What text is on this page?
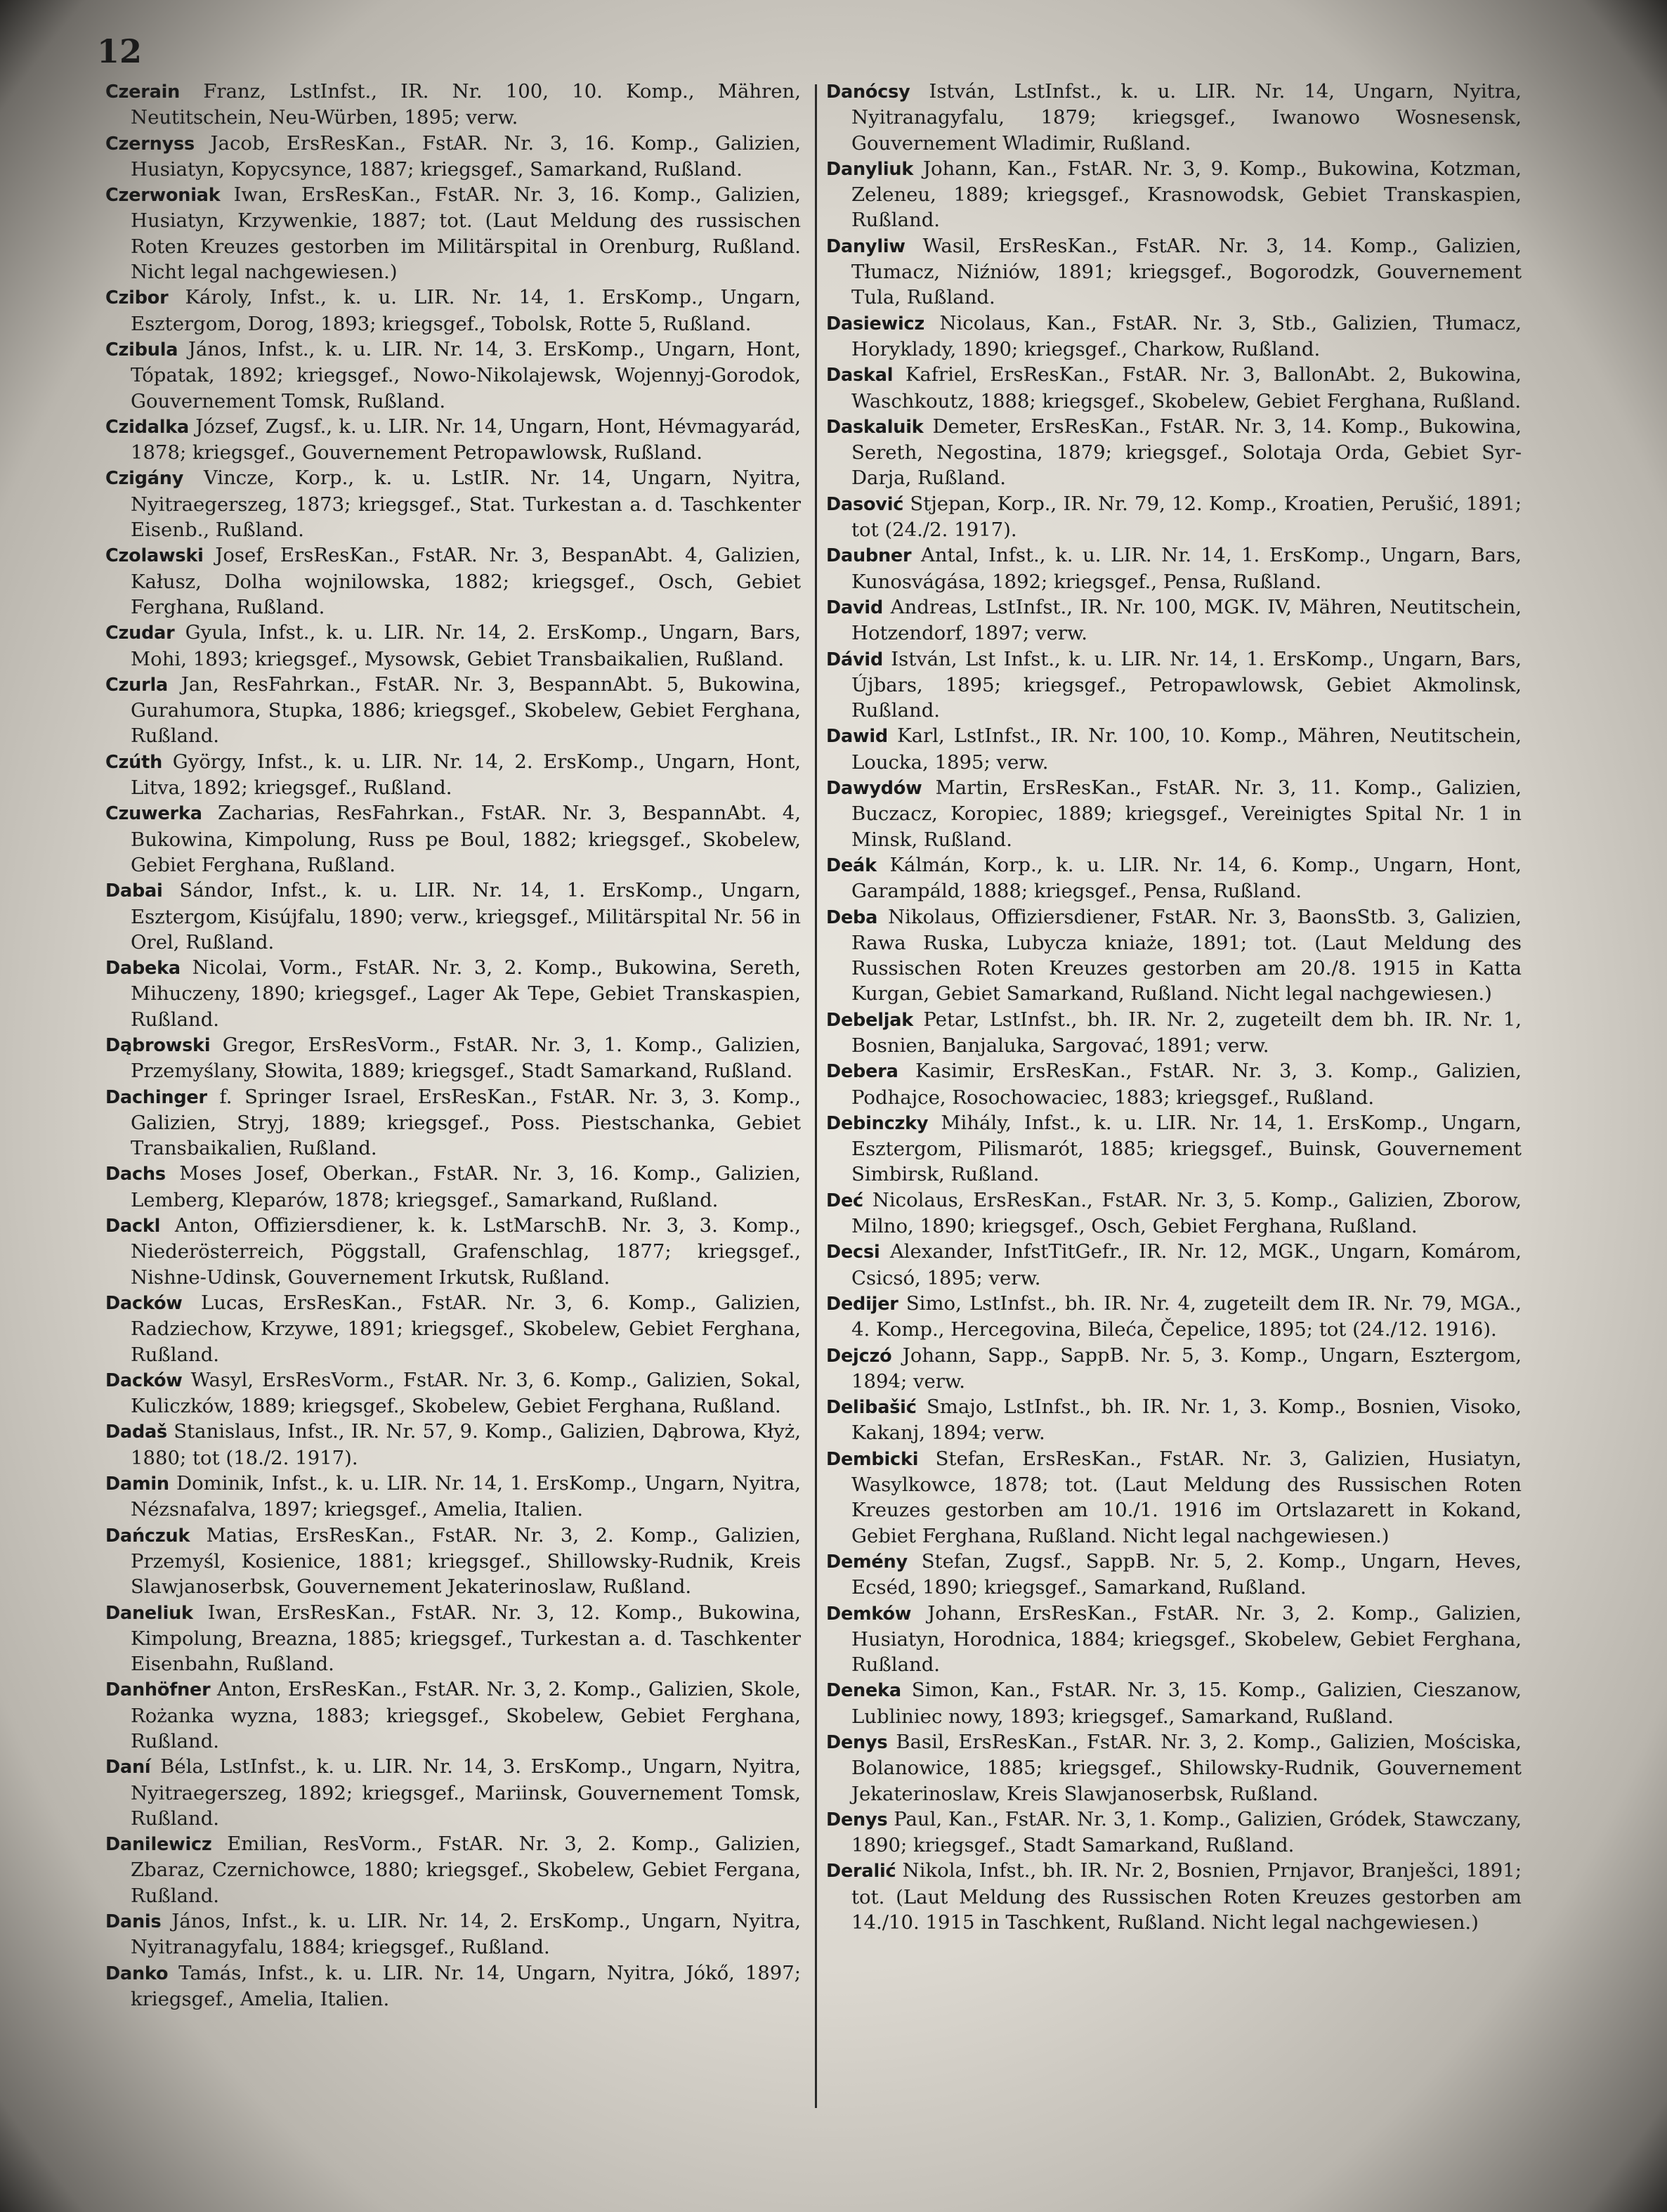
12
Czerain Franz, LstInfst., IR. Nr. 100, 10. Komp., Mähren, Neutitschein, Neu-Würben, 1895; verw.
Czernyss Jacob, ErsResKan., FstAR. Nr. 3, 16. Komp., Galizien, Husiatyn, Kopycsynce, 1887; kriegsgef., Samarkand, Rußland.
Czerwoniak Iwan, ErsResKan., FstAR. Nr. 3, 16. Komp., Galizien, Husiatyn, Krzywenkie, 1887; tot. (Laut Meldung des russischen Roten Kreuzes gestorben im Militärspital in Orenburg, Rußland. Nicht legal nachgewiesen.)
Czibor Károly, Infst., k. u. LIR. Nr. 14, 1. ErsKomp., Ungarn, Esztergom, Dorog, 1893; kriegsgef., Tobolsk, Rotte 5, Rußland.
Czibula János, Infst., k. u. LIR. Nr. 14, 3. ErsKomp., Ungarn, Hont, Tópatak, 1892; kriegsgef., Nowo-Nikolajewsk, Wojennyj-Gorodok, Gouvernement Tomsk, Rußland.
Czidalka József, Zugsf., k. u. LIR. Nr. 14, Ungarn, Hont, Hévmagyarád, 1878; kriegsgef., Gouvernement Petropawlowsk, Rußland.
Czigány Vincze, Korp., k. u. LstIR. Nr. 14, Ungarn, Nyitra, Nyitraegerszeg, 1873; kriegsgef., Stat. Turkestan a. d. Taschkenter Eisenb., Rußland.
Czolawski Josef, ErsResKan., FstAR. Nr. 3, BespanAbt. 4, Galizien, Kałusz, Dolha wojnilowska, 1882; kriegsgef., Osch, Gebiet Ferghana, Rußland.
Czudar Gyula, Infst., k. u. LIR. Nr. 14, 2. ErsKomp., Ungarn, Bars, Mohi, 1893; kriegsgef., Mysowsk, Gebiet Transbaikalien, Rußland.
Czurla Jan, ResFahrkan., FstAR. Nr. 3, BespannAbt. 5, Bukowina, Gurahumora, Stupka, 1886; kriegsgef., Skobelew, Gebiet Ferghana, Rußland.
Czúth György, Infst., k. u. LIR. Nr. 14, 2. ErsKomp., Ungarn, Hont, Litva, 1892; kriegsgef., Rußland.
Czuwerka Zacharias, ResFahrkan., FstAR. Nr. 3, BespannAbt. 4, Bukowina, Kimpolung, Russ pe Boul, 1882; kriegsgef., Skobelew, Gebiet Ferghana, Rußland.
Dabai Sándor, Infst., k. u. LIR. Nr. 14, 1. ErsKomp., Ungarn, Esztergom, Kisújfalu, 1890; verw., kriegsgef., Militärspital Nr. 56 in Orel, Rußland.
Dabeka Nicolai, Vorm., FstAR. Nr. 3, 2. Komp., Bukowina, Sereth, Mihuczeny, 1890; kriegsgef., Lager Ak Tepe, Gebiet Transkaspien, Rußland.
Dąbrowski Gregor, ErsResVorm., FstAR. Nr. 3, 1. Komp., Galizien, Przemyślany, Słowita, 1889; kriegsgef., Stadt Samarkand, Rußland.
Dachinger f. Springer Israel, ErsResKan., FstAR. Nr. 3, 3. Komp., Galizien, Stryj, 1889; kriegsgef., Poss. Piestschanka, Gebiet Transbaikalien, Rußland.
Dachs Moses Josef, Oberkan., FstAR. Nr. 3, 16. Komp., Galizien, Lemberg, Kleparów, 1878; kriegsgef., Samarkand, Rußland.
Dackl Anton, Offiziersdiener, k. k. LstMarschB. Nr. 3, 3. Komp., Niederösterreich, Pöggstall, Grafenschlag, 1877; kriegsgef., Nishne-Udinsk, Gouvernement Irkutsk, Rußland.
Dacków Lucas, ErsResKan., FstAR. Nr. 3, 6. Komp., Galizien, Radziechow, Krzywe, 1891; kriegsgef., Skobelew, Gebiet Ferghana, Rußland.
Dacków Wasyl, ErsResVorm., FstAR. Nr. 3, 6. Komp., Galizien, Sokal, Kuliczków, 1889; kriegsgef., Skobelew, Gebiet Ferghana, Rußland.
Dadaš Stanislaus, Infst., IR. Nr. 57, 9. Komp., Galizien, Dąbrowa, Kłyż, 1880; tot (18./2. 1917).
Damin Dominik, Infst., k. u. LIR. Nr. 14, 1. ErsKomp., Ungarn, Nyitra, Nézsnafalva, 1897; kriegsgef., Amelia, Italien.
Dańczuk Matias, ErsResKan., FstAR. Nr. 3, 2. Komp., Galizien, Przemyśl, Kosienice, 1881; kriegsgef., Shillowsky-Rudnik, Kreis Slawjanoserbsk, Gouvernement Jekaterinoslaw, Rußland.
Daneliuk Iwan, ErsResKan., FstAR. Nr. 3, 12. Komp., Bukowina, Kimpolung, Breazna, 1885; kriegsgef., Turkestan a. d. Taschkenter Eisenbahn, Rußland.
Danhöfner Anton, ErsResKan., FstAR. Nr. 3, 2. Komp., Galizien, Skole, Rożanka wyzna, 1883; kriegsgef., Skobelew, Gebiet Ferghana, Rußland.
Daní Béla, LstInfst., k. u. LIR. Nr. 14, 3. ErsKomp., Ungarn, Nyitra, Nyitraegerszeg, 1892; kriegsgef., Mariinsk, Gouvernement Tomsk, Rußland.
Danilewicz Emilian, ResVorm., FstAR. Nr. 3, 2. Komp., Galizien, Zbaraz, Czernichowce, 1880; kriegsgef., Skobelew, Gebiet Fergana, Rußland.
Danis János, Infst., k. u. LIR. Nr. 14, 2. ErsKomp., Ungarn, Nyitra, Nyitranagyfalu, 1884; kriegsgef., Rußland.
Danko Tamás, Infst., k. u. LIR. Nr. 14, Ungarn, Nyitra, Jókő, 1897; kriegsgef., Amelia, Italien.
Danócsy István, LstInfst., k. u. LIR. Nr. 14, Ungarn, Nyitra, Nyitranagyfalu, 1879; kriegsgef., Iwanowo Wosnesensk, Gouvernement Wladimir, Rußland.
Danyliuk Johann, Kan., FstAR. Nr. 3, 9. Komp., Bukowina, Kotzman, Zeleneu, 1889; kriegsgef., Krasnowodsk, Gebiet Transkaspien, Rußland.
Danyliw Wasil, ErsResKan., FstAR. Nr. 3, 14. Komp., Galizien, Tłumacz, Niźniów, 1891; kriegsgef., Bogorodzk, Gouvernement Tula, Rußland.
Dasiewicz Nicolaus, Kan., FstAR. Nr. 3, Stb., Galizien, Tłumacz, Horyklady, 1890; kriegsgef., Charkow, Rußland.
Daskal Kafriel, ErsResKan., FstAR. Nr. 3, BallonAbt. 2, Bukowina, Waschkoutz, 1888; kriegsgef., Skobelew, Gebiet Ferghana, Rußland.
Daskaluik Demeter, ErsResKan., FstAR. Nr. 3, 14. Komp., Bukowina, Sereth, Negostina, 1879; kriegsgef., Solotaja Orda, Gebiet Syr-Darja, Rußland.
Dasović Stjepan, Korp., IR. Nr. 79, 12. Komp., Kroatien, Perušić, 1891; tot (24./2. 1917).
Daubner Antal, Infst., k. u. LIR. Nr. 14, 1. ErsKomp., Ungarn, Bars, Kunosvágása, 1892; kriegsgef., Pensa, Rußland.
David Andreas, LstInfst., IR. Nr. 100, MGK. IV, Mähren, Neutitschein, Hotzendorf, 1897; verw.
Dávid István, Lst Infst., k. u. LIR. Nr. 14, 1. ErsKomp., Ungarn, Bars, Újbars, 1895; kriegsgef., Petropawlowsk, Gebiet Akmolinsk, Rußland.
Dawid Karl, LstInfst., IR. Nr. 100, 10. Komp., Mähren, Neutitschein, Loucka, 1895; verw.
Dawydów Martin, ErsResKan., FstAR. Nr. 3, 11. Komp., Galizien, Buczacz, Koropiec, 1889; kriegsgef., Vereinigtes Spital Nr. 1 in Minsk, Rußland.
Deák Kálmán, Korp., k. u. LIR. Nr. 14, 6. Komp., Ungarn, Hont, Garampáld, 1888; kriegsgef., Pensa, Rußland.
Deba Nikolaus, Offiziersdiener, FstAR. Nr. 3, BaonsStb. 3, Galizien, Rawa Ruska, Lubycza kniaże, 1891; tot. (Laut Meldung des Russischen Roten Kreuzes gestorben am 20./8. 1915 in Katta Kurgan, Gebiet Samarkand, Rußland. Nicht legal nachgewiesen.)
Debeljak Petar, LstInfst., bh. IR. Nr. 2, zugeteilt dem bh. IR. Nr. 1, Bosnien, Banjaluka, Sargovać, 1891; verw.
Debera Kasimir, ErsResKan., FstAR. Nr. 3, 3. Komp., Galizien, Podhajce, Rosochowaciec, 1883; kriegsgef., Rußland.
Debinczky Mihály, Infst., k. u. LIR. Nr. 14, 1. ErsKomp., Ungarn, Esztergom, Pilismarót, 1885; kriegsgef., Buinsk, Gouvernement Simbirsk, Rußland.
Deć Nicolaus, ErsResKan., FstAR. Nr. 3, 5. Komp., Galizien, Zborow, Milno, 1890; kriegsgef., Osch, Gebiet Ferghana, Rußland.
Decsi Alexander, InfstTitGefr., IR. Nr. 12, MGK., Ungarn, Komárom, Csicsó, 1895; verw.
Dedijer Simo, LstInfst., bh. IR. Nr. 4, zugeteilt dem IR. Nr. 79, MGA., 4. Komp., Hercegovina, Bileća, Čepelice, 1895; tot (24./12. 1916).
Dejczó Johann, Sapp., SappB. Nr. 5, 3. Komp., Ungarn, Esztergom, 1894; verw.
Delibašić Smajo, LstInfst., bh. IR. Nr. 1, 3. Komp., Bosnien, Visoko, Kakanj, 1894; verw.
Dembicki Stefan, ErsResKan., FstAR. Nr. 3, Galizien, Husiatyn, Wasylkowce, 1878; tot. (Laut Meldung des Russischen Roten Kreuzes gestorben am 10./1. 1916 im Ortslazarett in Kokand, Gebiet Ferghana, Rußland. Nicht legal nachgewiesen.)
Demény Stefan, Zugsf., SappB. Nr. 5, 2. Komp., Ungarn, Heves, Ecséd, 1890; kriegsgef., Samarkand, Rußland.
Demków Johann, ErsResKan., FstAR. Nr. 3, 2. Komp., Galizien, Husiatyn, Horodnica, 1884; kriegsgef., Skobelew, Gebiet Ferghana, Rußland.
Deneka Simon, Kan., FstAR. Nr. 3, 15. Komp., Galizien, Cieszanow, Lubliniec nowy, 1893; kriegsgef., Samarkand, Rußland.
Denys Basil, ErsResKan., FstAR. Nr. 3, 2. Komp., Galizien, Mościska, Bolanowice, 1885; kriegsgef., Shilowsky-Rudnik, Gouvernement Jekaterinoslaw, Kreis Slawjanoserbsk, Rußland.
Denys Paul, Kan., FstAR. Nr. 3, 1. Komp., Galizien, Gródek, Stawczany, 1890; kriegsgef., Stadt Samarkand, Rußland.
Deralić Nikola, Infst., bh. IR. Nr. 2, Bosnien, Prnjavor, Branješci, 1891; tot. (Laut Meldung des Russischen Roten Kreuzes gestorben am 14./10. 1915 in Taschkent, Rußland. Nicht legal nachgewiesen.)
